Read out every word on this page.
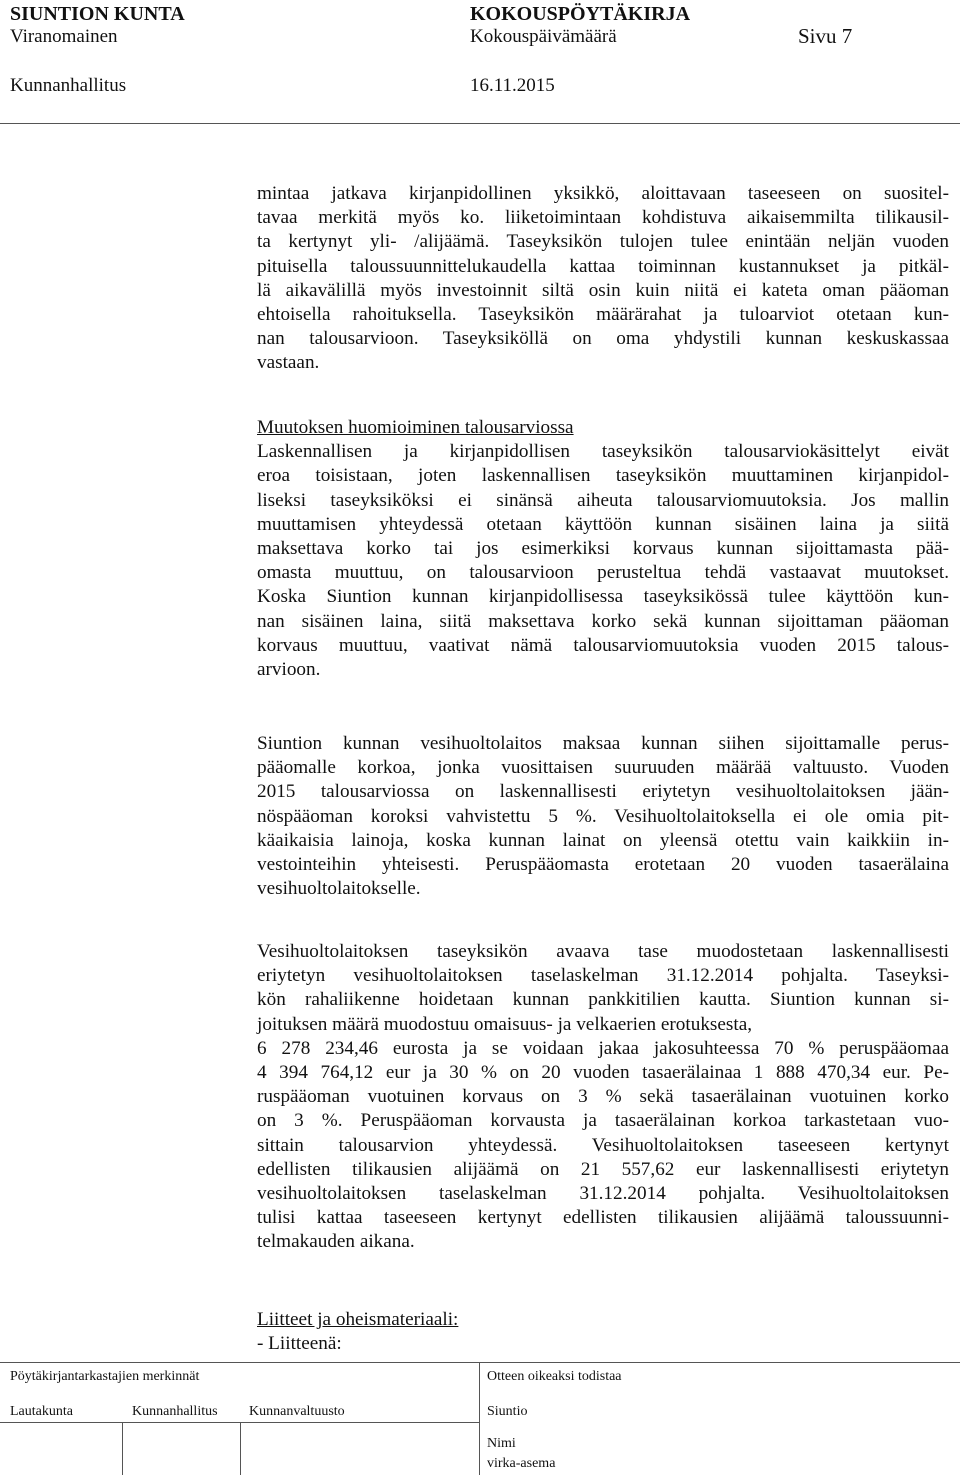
SIUNTION KUNTA
Viranomainen
KOKOUSPÖYTÄKIRJA
Kokouspäivämäärä	Sivu 7
Kunnanhallitus	16.11.2015
mintaa jatkava kirjanpidollinen yksikkö, aloittavaan taseeseen on suositel-
tavaa merkitä myös ko. liiketoimintaan kohdistuva aikaisemmilta tilikausil-
ta kertynyt yli- /alijäämä. Taseyksikön tulojen tulee enintään neljän vuoden
pituisella taloussuunnittelukaudella kattaa toiminnan kustannukset ja pitkäl-
lä aikavälillä myös investoinnit siltä osin kuin niitä ei kateta oman pääoman
ehtoisella rahoituksella. Taseyksikön määrärahat ja tuloarviot otetaan kun-
nan talousarvioon. Taseyksiköllä on oma yhdystili kunnan keskuskassaa
vastaan.

Muutoksen huomioiminen talousarviossa

Laskennallisen ja kirjanpidollisen taseyksikön talousarviokäsittelyt eivät
eroa toisistaan, joten laskennallisen taseyksikön muuttaminen kirjanpidol-
liseksi taseyksiköksi ei sinänsä aiheuta talousarviomuutoksia. Jos mallin
muuttamisen yhteydessä otetaan käyttöön kunnan sisäinen laina ja siitä
maksettava korko tai jos esimerkiksi korvaus kunnan sijoittamasta pää-
omasta muuttuu, on talousarvioon perusteltua tehdä vastaavat muutokset.
Koska Siuntion kunnan kirjanpidollisessa taseyksikössä tulee käyttöön kun-
nan sisäinen laina, siitä maksettava korko sekä kunnan sijoittaman pääoman
korvaus muuttuu, vaativat nämä talousarviomuutoksia vuoden 2015 talous-
arvioon.
Siuntion kunnan vesihuoltolaitos maksaa kunnan siihen sijoittamalle perus-
pääomalle korkoa, jonka vuosittaisen suuruuden määrää valtuusto. Vuoden
2015 talousarviossa on laskennallisesti eriytetyn vesihuoltolaitoksen jään-
nöspääoman koroksi vahvistettu 5 %. Vesihuoltolaitoksella ei ole omia pit-
käaikaisia lainoja, koska kunnan lainat on yleensä otettu vain kaikkiin in-
vestointeihin yhteisesti. Peruspääomasta erotetaan 20 vuoden tasaerälaina
vesihuoltolaitokselle.
Vesihuoltolaitoksen taseyksikön avaava tase muodostetaan laskennallisesti
eriytetyn vesihuoltolaitoksen taselaskelman 31.12.2014 pohjalta. Taseyksi-
kön rahaliikenne hoidetaan kunnan pankkitilien kautta. Siuntion kunnan si-
joituksen määrä muodostuu omaisuus- ja velkaerien erotuksesta,
6 278 234,46 eurosta ja se voidaan jakaa jakosuhteessa 70 % peruspääomaa
4 394 764,12 eur ja 30 % on 20 vuoden tasaerälainaa 1 888 470,34 eur. Pe-
ruspääoman vuotuinen korvaus on 3 % sekä tasaerälainan vuotuinen korko
on 3 %. Peruspääoman korvausta ja tasaerälainan korkoa tarkastetaan vuo-
sittain talousarvion yhteydessä. Vesihuoltolaitoksen taseeseen kertynyt
edellisten tilikausien alijäämä on 21 557,62 eur laskennallisesti eriytetyn
vesihuoltolaitoksen taselaskelman 31.12.2014 pohjalta. Vesihuoltolaitoksen
tulisi kattaa taseeseen kertynyt edellisten tilikausien alijäämä taloussuunni-
telmakauden aikana.

Liitteet ja oheismateriaali:

- Liitteenä:

Pöytäkirjantarkastajien merkinnät	Otteen oikeaksi todistaa
Lautakunta	Kunnanhallitus Kunnanvaltuusto	Siuntio
Nimi
virka-asema
